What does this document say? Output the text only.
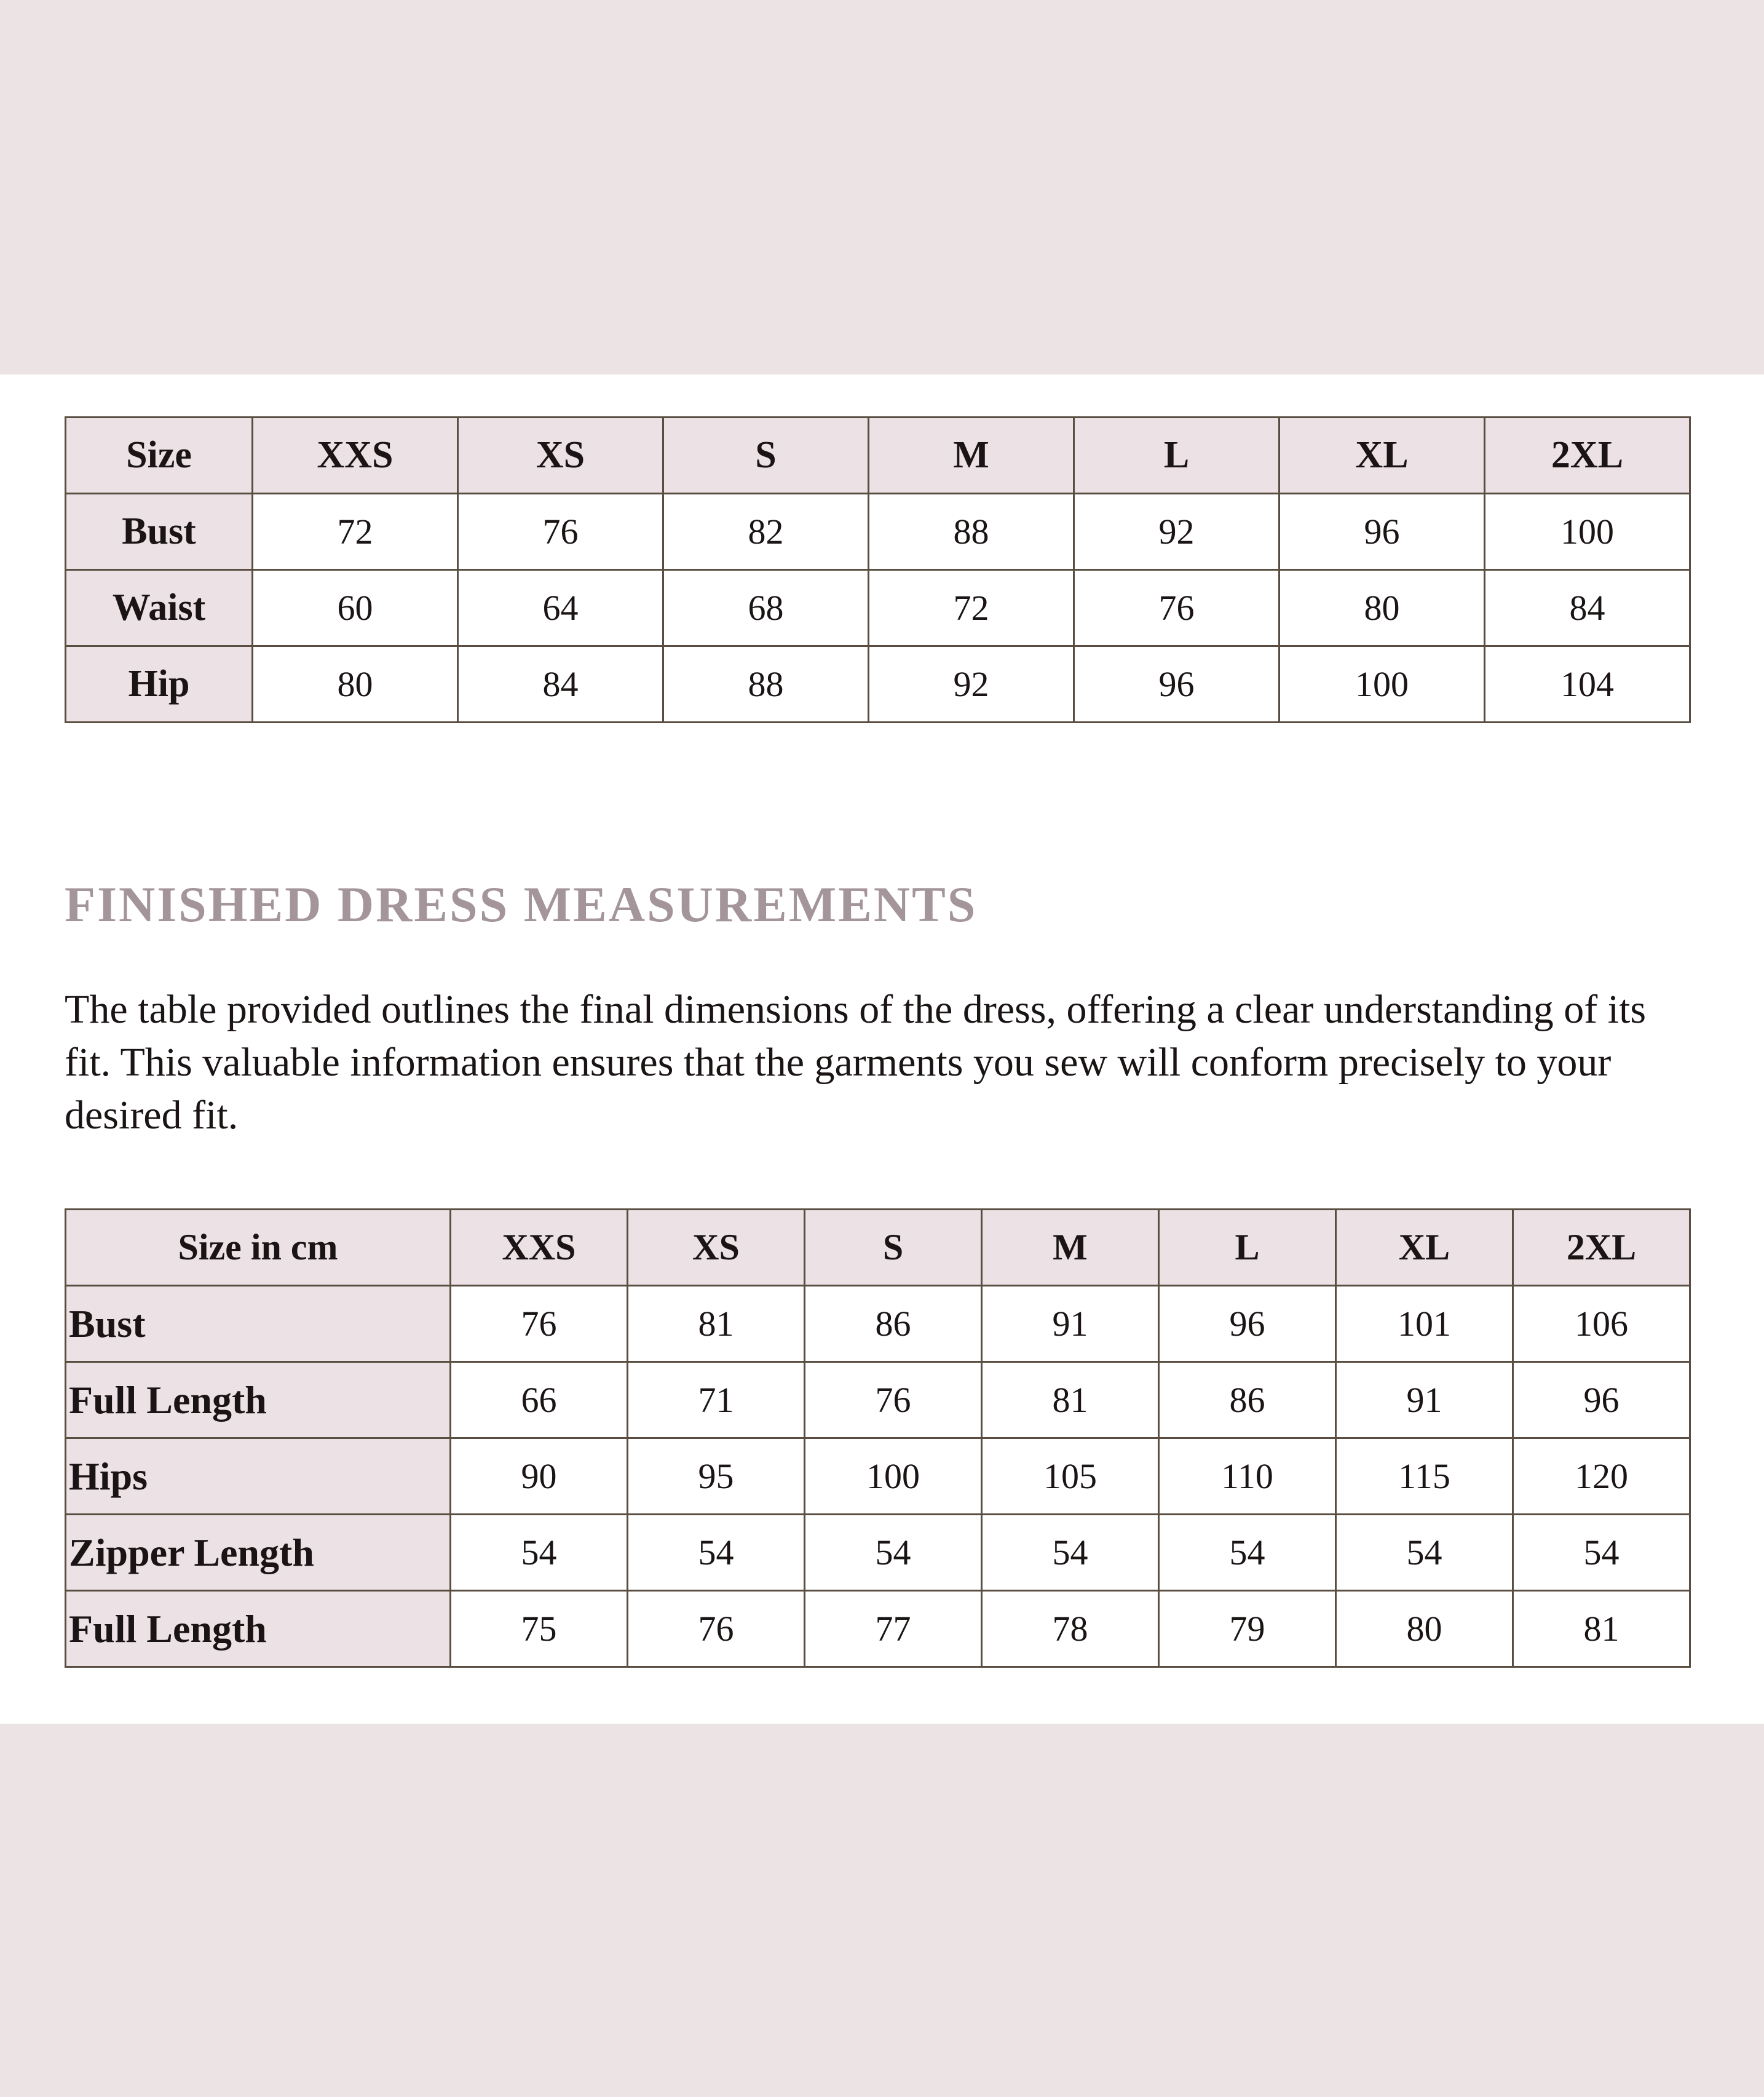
Size	XXS	XS	S	M	L	XL	2XL
Bust	72	76	82	88	92	96	100
Waist	60	64	68	72	76	80	84
Hip	80	84	88	92	96	100	104
FINISHED DRESS MEASUREMENTS

The table provided outlines the final dimensions of the dress, offering a clear understanding of its fit. This valuable information ensures that the garments you sew will conform precisely to your desired fit.

Size in cm	XXS	XS	S	M	L	XL	2XL
Bust	76	81	86	91	96	101	106
Full Length	66	71	76	81	86	91	96
Hips	90	95	100	105	110	115	120
Zipper Length	54	54	54	54	54	54	54
Full Length	75	76	77	78	79	80	81
